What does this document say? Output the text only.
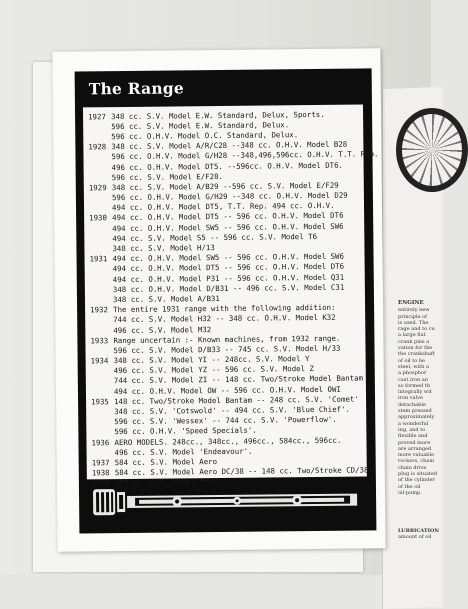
ENGINE
entirely new
principle of
is used. The
rage and to cu
a large flat
crank pins a
vation for the
the crankshaft
of oil to be
steel, with a
a phosphor
cast iron an
so formed th
integrally wit
iron valve
detachable
stem pressed
approximately
a wonderful
ing, and to
flexible and
proved more
are arranged
more valuable
rockers, chain
chain drive
plug is situated
of the cylinder
of the oil
oil-pump.
LUBRICATION
amount of oil
The Range
1927 348 cc. S.V. Model E.W. Standard, Delux, Sports.
596 cc. S.V. Model E.W. Standard, Delux.
596 cc. O.H.V. Model O.C. Standard, Delux.
1928 348 cc. S.V. Model A/R/C28 --348 cc. O.H.V. Model B28
596 cc. O.H.V. Model G/H28 --348,496,596cc. O.H.V. T.T. Rep.
496 cc. O.H.V. Model DT5. --596cc. O.H.V. Model DT6.
596 cc. S.V. Model E/F28.
1929 348 cc. S.V. Model A/B29 --596 cc. S.V. Model E/F29
596 cc. O.H.V. Model G/H29 --348 cc. O.H.V. Model D29
494 cc. O.H.V. Model DT5, T.T. Rep. 494 cc. O.H.V.
1930 494 cc. O.H.V. Model DT5 -- 596 cc. O.H.V. Model DT6
494 cc. O.H.V. Model SW5 -- 596 cc. O.H.V. Model SW6
494 cc. S.V. Model S5 -- 596 cc. S.V. Model T6
348 cc. S.V. Model H/13
1931 494 cc. O.H.V. Model SW5 -- 596 cc. O.H.V. Model SW6
494 cc. O.H.V. Model DT5 -- 596 cc. O.H.V. Model DT6
494 cc. O.H.V. Model P31 -- 596 cc. O.H.V. Model Q31
348 cc. O.H.V. Model D/B31 -- 496 cc. S.V. Model C31
348 cc. S.V. Model A/B31
1932 The entire 1931 range with the following addition:
744 cc. S.V. Model H32 -- 348 cc. O.H.V. Model K32
496 cc. S.V. Model M32
1933 Range uncertain :- Known machines, from 1932 range.
596 cc. S.V. Model D/B33 -- 745 cc. S.V. Model H/33
1934 348 cc. S.V. Model YI -- 248cc. S.V. Model Y
496 cc. S.V. Model YZ -- 596 cc. S.V. Model Z
744 cc. S.V. Model ZI -- 148 cc. Two/Stroke Model Bantam
494 cc. O.H.V. Model OW -- 596 cc. O.H.V. Model OWI
1935 148 cc. Two/Stroke Model Bantam -- 248 cc. S.V. 'Comet'
348 cc. S.V. 'Cotswold' -- 494 cc. S.V. 'Blue Chief'.
596 cc. S.V. 'Wessex' -- 744 cc. S.V. 'Powerflow'.
596 cc. O.H.V. 'Speed Specials'.
1936 AERO MODELS. 248cc., 348cc., 496cc., 584cc., 596cc.
496 cc. S.V. Model 'Endeavour'.
1937 584 cc. S.V. Model Aero
1938 584 cc. S.V. Model Aero DC/38 -- 148 cc. Two/Stroke CD/38
